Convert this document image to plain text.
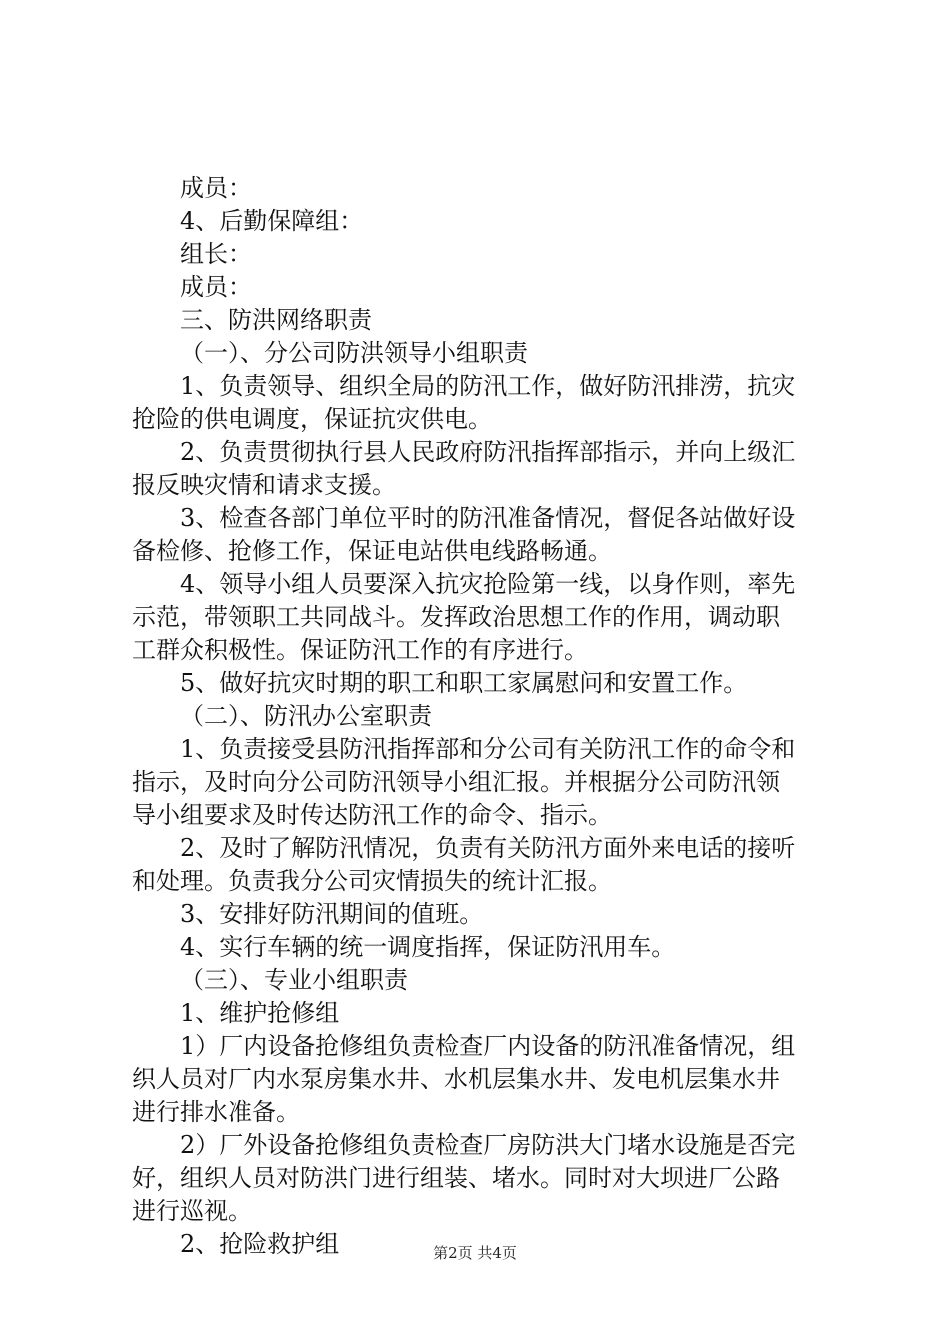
成员：
4、后勤保障组：
组长：
成员：
三、防洪网络职责
（一）、分公司防洪领导小组职责
1、负责领导、组织全局的防汛工作，做好防汛排涝，抗灾
抢险的供电调度，保证抗灾供电。
2、负责贯彻执行县人民政府防汛指挥部指示，并向上级汇
报反映灾情和请求支援。
3、检查各部门单位平时的防汛准备情况，督促各站做好设
备检修、抢修工作，保证电站供电线路畅通。
4、领导小组人员要深入抗灾抢险第一线，以身作则，率先
示范，带领职工共同战斗。发挥政治思想工作的作用，调动职
工群众积极性。保证防汛工作的有序进行。
5、做好抗灾时期的职工和职工家属慰问和安置工作。
（二）、防汛办公室职责
1、负责接受县防汛指挥部和分公司有关防汛工作的命令和
指示，及时向分公司防汛领导小组汇报。并根据分公司防汛领
导小组要求及时传达防汛工作的命令、指示。
2、及时了解防汛情况，负责有关防汛方面外来电话的接听
和处理。负责我分公司灾情损失的统计汇报。
3、安排好防汛期间的值班。
4、实行车辆的统一调度指挥，保证防汛用车。
（三）、专业小组职责
1、维护抢修组
1）厂内设备抢修组负责检查厂内设备的防汛准备情况，组
织人员对厂内水泵房集水井、水机层集水井、发电机层集水井
进行排水准备。
2）厂外设备抢修组负责检查厂房防洪大门堵水设施是否完
好，组织人员对防洪门进行组装、堵水。同时对大坝进厂公路
进行巡视。
2、抢险救护组	第2页 共4页
